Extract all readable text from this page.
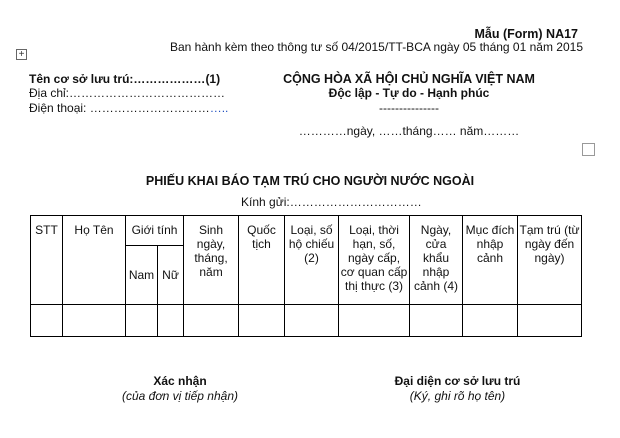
+
Mẫu (Form) NA17
Ban hành kèm theo thông tư số 04/2015/TT-BCA ngày 05 tháng 01 năm 2015
Tên cơ sở lưu trú:………………(1)
Địa chỉ:…………………………………
Điện thoại: ……………………………..
CỘNG HÒA XÃ HỘI CHỦ NGHĨA VIỆT NAM
Độc lập - Tự do - Hạnh phúc
---------------
…………ngày, ……tháng…… năm………
PHIẾU KHAI BÁO TẠM TRÚ CHO NGƯỜI NƯỚC NGOÀI
Kính gửi:……………………………
STT	Họ Tên	Giới tính		Sinh ngày, tháng, năm	Quốc tịch	Loại, số hộ chiếu (2)	Loại, thời hạn, số, ngày cấp, cơ quan cấp thị thực (3)	Ngày, cửa khẩu nhập cảnh (4)	Mục đích nhập cảnh	Tạm trú (từ ngày đến ngày)
		Nam	Nữ							

Xác nhận
(của đơn vị tiếp nhận)
Đại diện cơ sở lưu trú
(Ký, ghi rõ họ tên)
